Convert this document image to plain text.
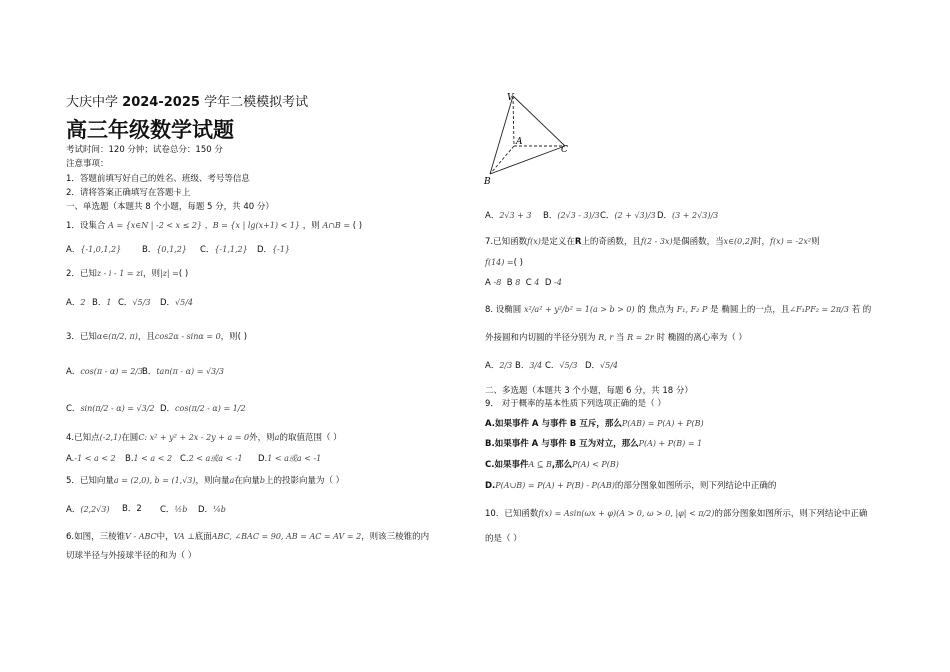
大庆中学 2024-2025 学年二模模拟考试
高三年级数学试题
考试时间：120 分钟；试卷总分：150 分
注意事项：
1．答题前填写好自己的姓名、班级、考号等信息
2．请将答案正确填写在答题卡上
一、单选题（本题共 8 个小题，每题 5 分，共 40 分）
1．设集合 A = {x∈N | -2 < x ≤ 2} ，B = {x | lg(x+1) < 1} ，则 A∩B = ( )
A．{-1,0,1,2} B．{0,1,2} C．{-1,1,2} D．{-1}
2．已知z - i - 1 = zi，则|z| =( )
A．2 B．1 C．√5/3 D．√5/4
3．已知α∈(π/2, π)，且cos2α - sinα = 0，则( )
A．cos(π - α) = 2/3
B．tan(π - α) = √3/3
C．sin(π/2 - α) = √3/2 D．cos(π/2 - α) = 1/2
4.已知点(-2,1)在圆C: x² + y² + 2x - 2y + a = 0外，则a的取值范围（ ）
A.-1 < a < 2 B.1 < a < 2 C.2 < a或a < -1 D.1 < a或a < -1
5．已知向量a = (2,0), b = (1,√3)，则向量a在向量b上的投影向量为（ ）
A．(2,2√3) B．2 C．½b D．¼b
6.如图，三棱锥V - ABC中，VA ⊥底面ABC, ∠BAC = 90, AB = AC = AV = 2，则该三棱锥的内
切球半径与外接球半径的和为（ ）
V
A
B
C
A．2√3 + 3 B．(2√3 - 3)/3 C．(2 + √3)/3 D．(3 + 2√3)/3
7.已知函数f(x)是定义在R上的奇函数，且f(2 - 3x)是偶函数，当x∈(0,2]时，f(x) = -2x²则
f(14) =( )
A -8 B 8 C 4 D -4
8. 设椭圆 x²/a² + y²/b² = 1(a > b > 0) 的 焦点为 F₁, F₂ P 是 椭圆上的一点，且∠F₁PF₂ = 2π/3 若 的
外接圆和内切圆的半径分别为 R, r 当 R = 2r 时 椭圆的离心率为（ ）
A．2/3 B．3/4 C．√5/3 D．√5/4
二、多选题（本题共 3 个小题，每题 6 分，共 18 分）
9． 对于概率的基本性质下列选项正确的是（ ）
A.如果事件 A 与事件 B 互斥，那么P(AB) = P(A) + P(B)
B.如果事件 A 与事件 B 互为对立，那么P(A) + P(B) = 1
C.如果事件A ⊆ B,那么P(A) < P(B)
D.P(A∪B) = P(A) + P(B) - P(AB)的部分图象如图所示，则下列结论中正确的
10．已知函数f(x) = Asin(ωx + φ)(A > 0, ω > 0, |φ| < π/2)的部分图象如图所示，则下列结论中正确
的是（ ）
